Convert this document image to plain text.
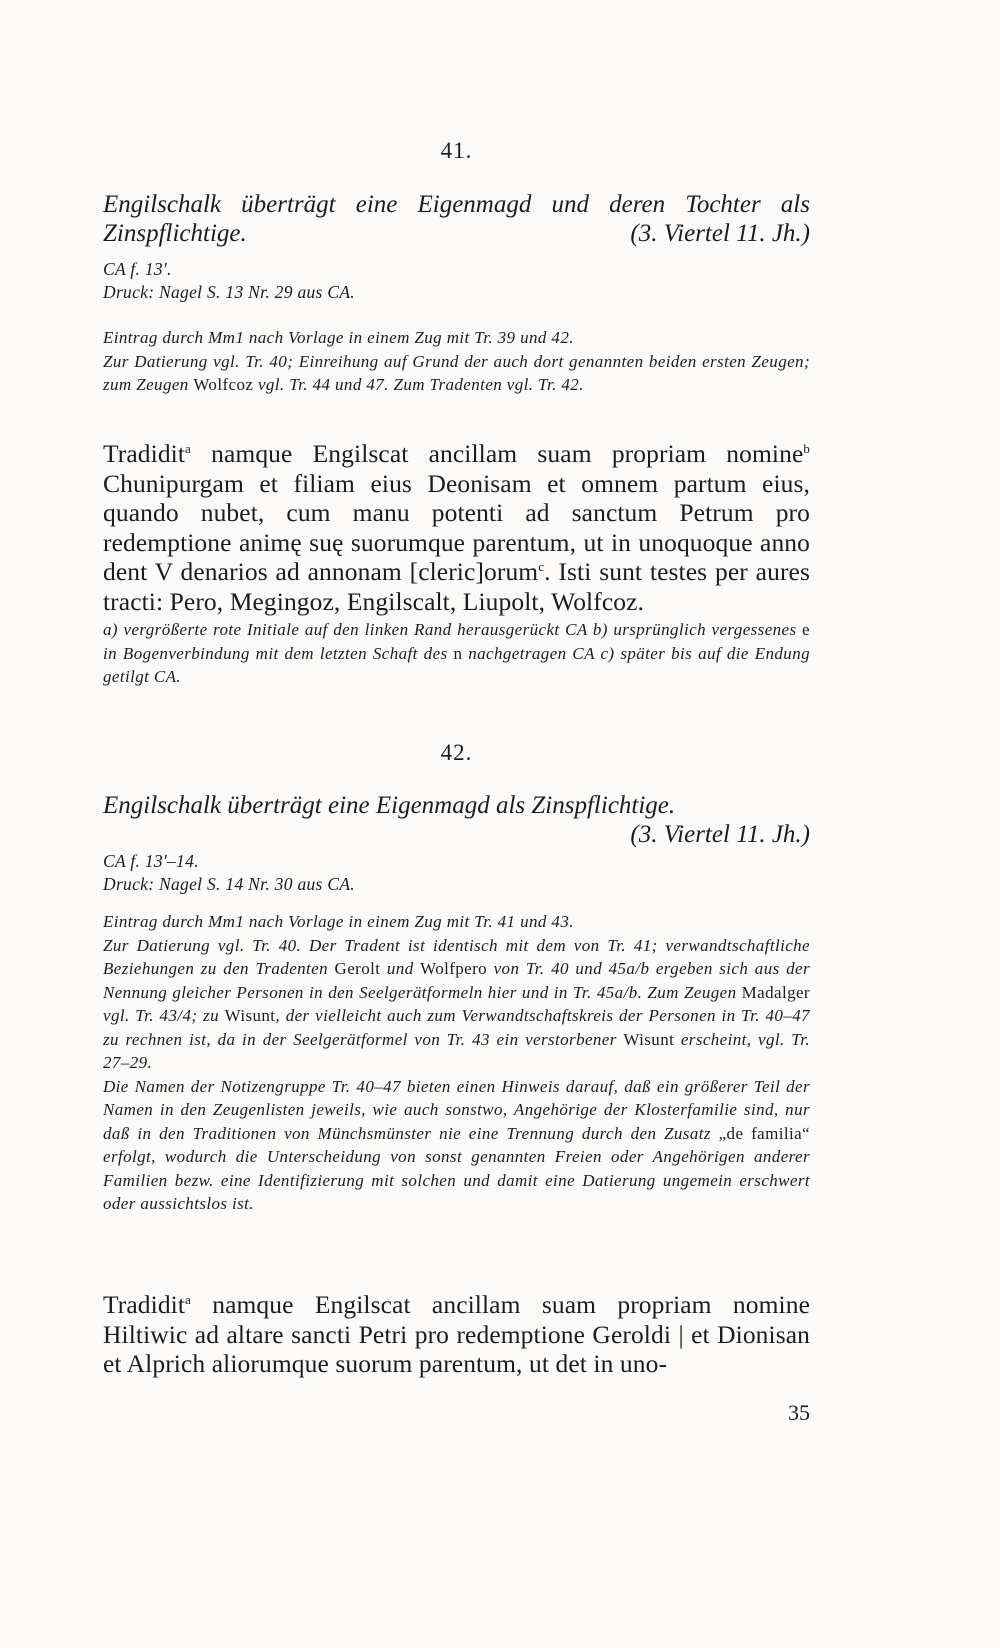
41.

Engilschalk überträgt eine Eigenmagd und deren Tochter als Zinspflichtige.	(3. Viertel 11. Jh.)

CA f. 13'.

Druck: Nagel S. 13 Nr. 29 aus CA.

Eintrag durch Mm1 nach Vorlage in einem Zug mit Tr. 39 und 42.

Zur Datierung vgl. Tr. 40; Einreihung auf Grund der auch dort genannten beiden ersten Zeugen; zum Zeugen Wolfcoz vgl. Tr. 44 und 47. Zum Tradenten vgl. Tr. 42.

Tradidit$^a$ namque Engilscat ancillam suam propriam nomine$^b$ Chunipurgam et filiam eius Deonisam et omnem partum eius, quando nubet, cum manu potenti ad sanctum Petrum pro redemptione animę suę suorumque parentum, ut in unoquoque anno dent V denarios ad annonam [cleric]orum$^c$. Isti sunt testes per aures tracti: Pero, Megingoz, Engilscalt, Liupolt, Wolfcoz.

a) vergrößerte rote Initiale auf den linken Rand herausgerückt CA b) ursprünglich vergessenes e in Bogenverbindung mit dem letzten Schaft des n nachgetragen CA c) später bis auf die Endung getilgt CA.

42.

Engilschalk überträgt eine Eigenmagd als Zinspflichtige.

(3. Viertel 11. Jh.)

CA f. 13'–14.

Druck: Nagel S. 14 Nr. 30 aus CA.

Eintrag durch Mm1 nach Vorlage in einem Zug mit Tr. 41 und 43.

Zur Datierung vgl. Tr. 40. Der Tradent ist identisch mit dem von Tr. 41; verwandtschaftliche Beziehungen zu den Tradenten Gerolt und Wolfpero von Tr. 40 und 45a/b ergeben sich aus der Nennung gleicher Personen in den Seelgerätformeln hier und in Tr. 45a/b. Zum Zeugen Madalger vgl. Tr. 43/4; zu Wisunt, der vielleicht auch zum Verwandtschaftskreis der Personen in Tr. 40–47 zu rechnen ist, da in der Seelgerätformel von Tr. 43 ein verstorbener Wisunt erscheint, vgl. Tr. 27–29.

Die Namen der Notizengruppe Tr. 40–47 bieten einen Hinweis darauf, daß ein größerer Teil der Namen in den Zeugenlisten jeweils, wie auch sonstwo, Angehörige der Klosterfamilie sind, nur daß in den Traditionen von Münchsmünster nie eine Trennung durch den Zusatz „de familia“ erfolgt, wodurch die Unterscheidung von sonst genannten Freien oder Angehörigen anderer Familien bezw. eine Identifizierung mit solchen und damit eine Datierung ungemein erschwert oder aussichtslos ist.

Tradidit$^a$ namque Engilscat ancillam suam propriam nomine Hiltiwic ad altare sancti Petri pro redemptione Geroldi | et Dionisan et Alprich aliorumque suorum parentum, ut det in uno-

35
